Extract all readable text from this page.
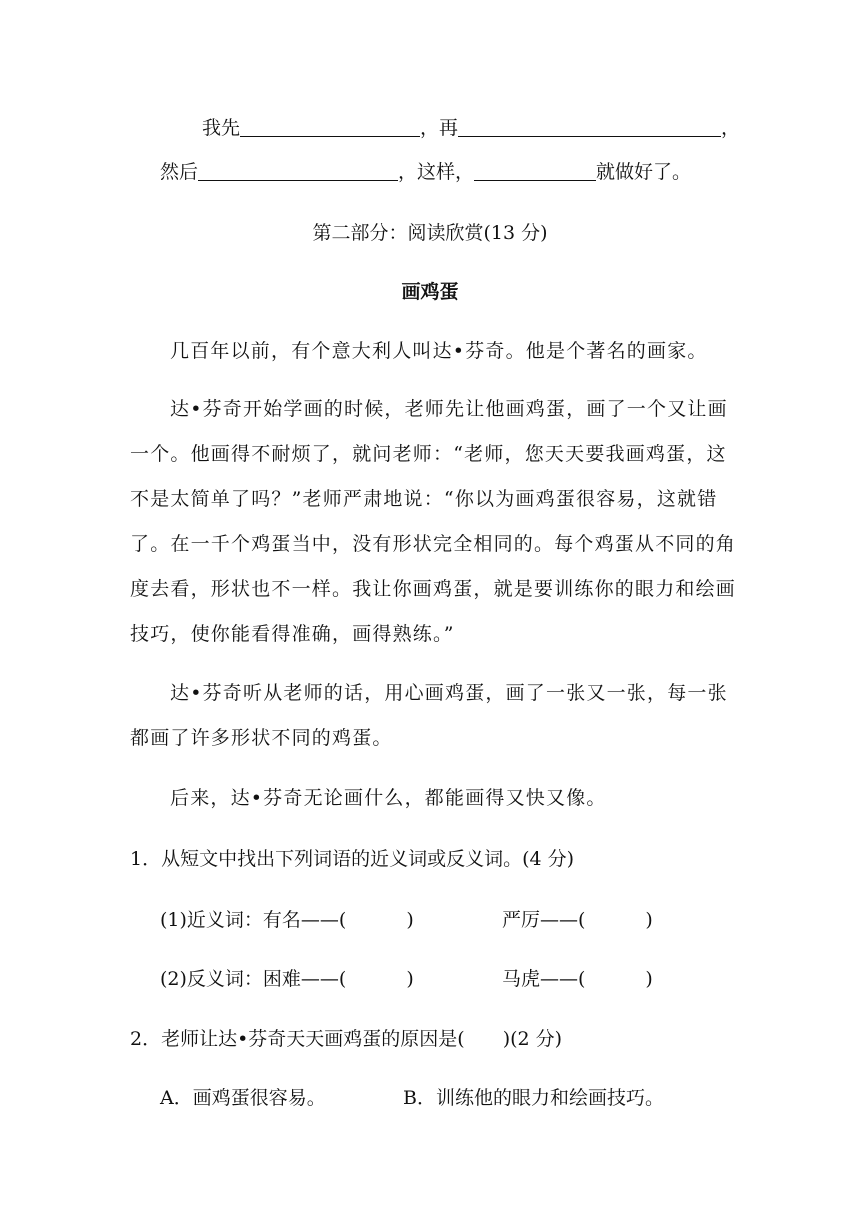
我先	，再	，
然后	，这样，	就做好了。
第二部分：阅读欣赏(13 分)
画鸡蛋
几百年以前，有个意大利人叫达•芬奇。他是个著名的画家。
达•芬奇开始学画的时候，老师先让他画鸡蛋，画了一个又让画
一个。他画得不耐烦了，就问老师：“老师，您天天要我画鸡蛋，这
不是太简单了吗？”老师严肃地说：“你以为画鸡蛋很容易，这就错
了。在一千个鸡蛋当中，没有形状完全相同的。每个鸡蛋从不同的角
度去看，形状也不一样。我让你画鸡蛋，就是要训练你的眼力和绘画
技巧，使你能看得准确，画得熟练。”
达•芬奇听从老师的话，用心画鸡蛋，画了一张又一张，每一张
都画了许多形状不同的鸡蛋。
后来，达•芬奇无论画什么，都能画得又快又像。
1．从短文中找出下列词语的近义词或反义词。(4 分)
(1)近义词：有名——(	)	严厉——(	)
(2)反义词：困难——(	)	马虎——(	)
2．老师让达•芬奇天天画鸡蛋的原因是(　　)(2 分)
A．画鸡蛋很容易。	B．训练他的眼力和绘画技巧。
